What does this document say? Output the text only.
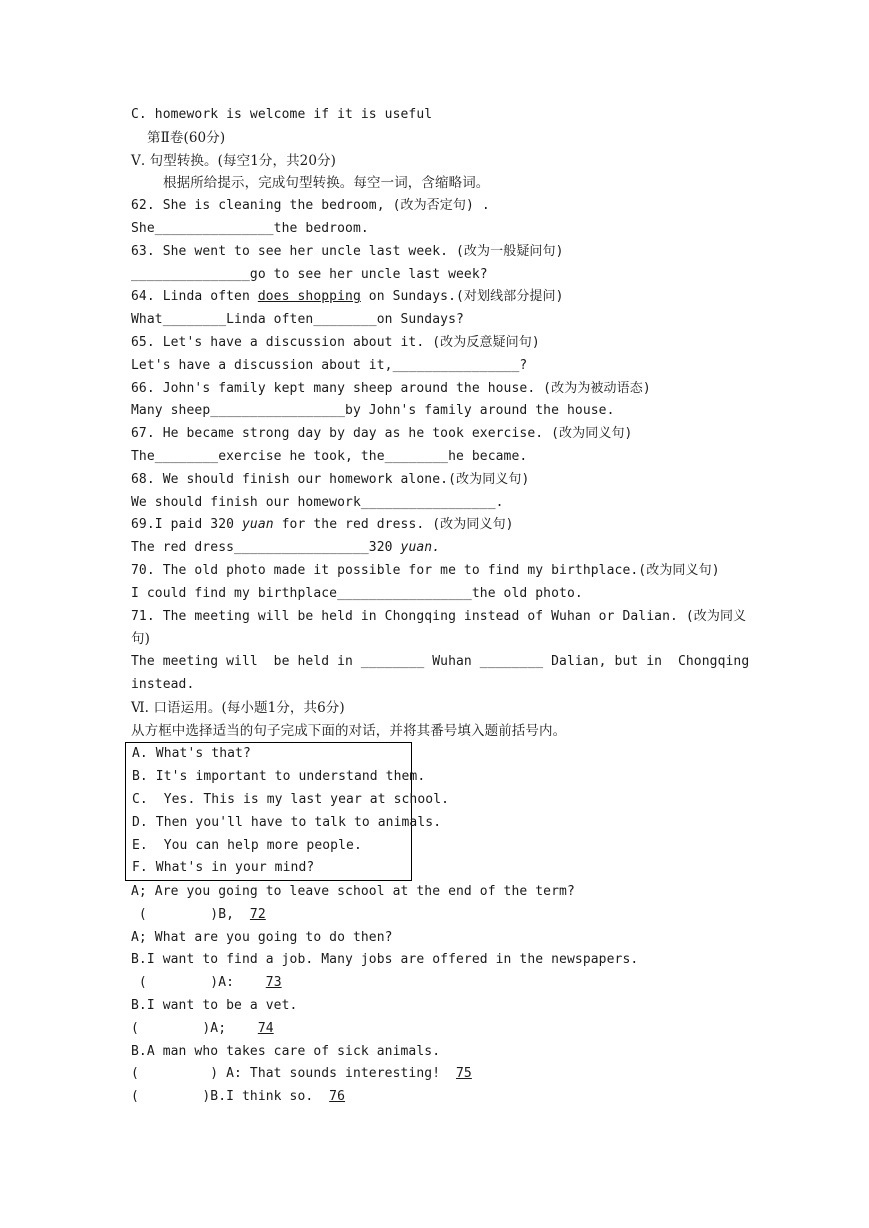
C. homework is welcome if it is useful
第Ⅱ卷(60分)
Ⅴ. 句型转换。(每空1分，共20分)
根据所给提示，完成句型转换。每空一词，含缩略词。
62. She is cleaning the bedroom, (改为否定句) .
She_______________the bedroom.
63. She went to see her uncle last week. (改为一般疑问句)
_______________go to see her uncle last week?
64. Linda often does shopping on Sundays.(对划线部分提问)
What________Linda often________on Sundays?
65. Let's have a discussion about it. (改为反意疑问句)
Let's have a discussion about it,________________?
66. John's family kept many sheep around the house. (改为为被动语态)
Many sheep_________________by John's family around the house.
67. He became strong day by day as he took exercise. (改为同义句)
The________exercise he took, the________he became.
68. We should finish our homework alone.(改为同义句)
We should finish our homework_________________.
69.I paid 320 yuan for the red dress. (改为同义句)
The red dress_________________320 yuan.
70. The old photo made it possible for me to find my birthplace.(改为同义句)
I could find my birthplace_________________the old photo.
71. The meeting will be held in Chongqing instead of Wuhan or Dalian. (改为同义
句)
The meeting will  be held in ________ Wuhan ________ Dalian, but in  Chongqing
instead.
Ⅵ. 口语运用。(每小题1分，共6分)
从方框中选择适当的句子完成下面的对话，并将其番号填入题前括号内。
A. What's that?
B. It's important to understand them.
C.  Yes. This is my last year at school.
D. Then you'll have to talk to animals.
E.  You can help more people.
F. What's in your mind?
A; Are you going to leave school at the end of the term?
(        )B,  72
A; What are you going to do then?
B.I want to find a job. Many jobs are offered in the newspapers.
(        )A:    73
B.I want to be a vet.
(        )A;    74
B.A man who takes care of sick animals.
(         ) A: That sounds interesting!  75
(        )B.I think so.  76
